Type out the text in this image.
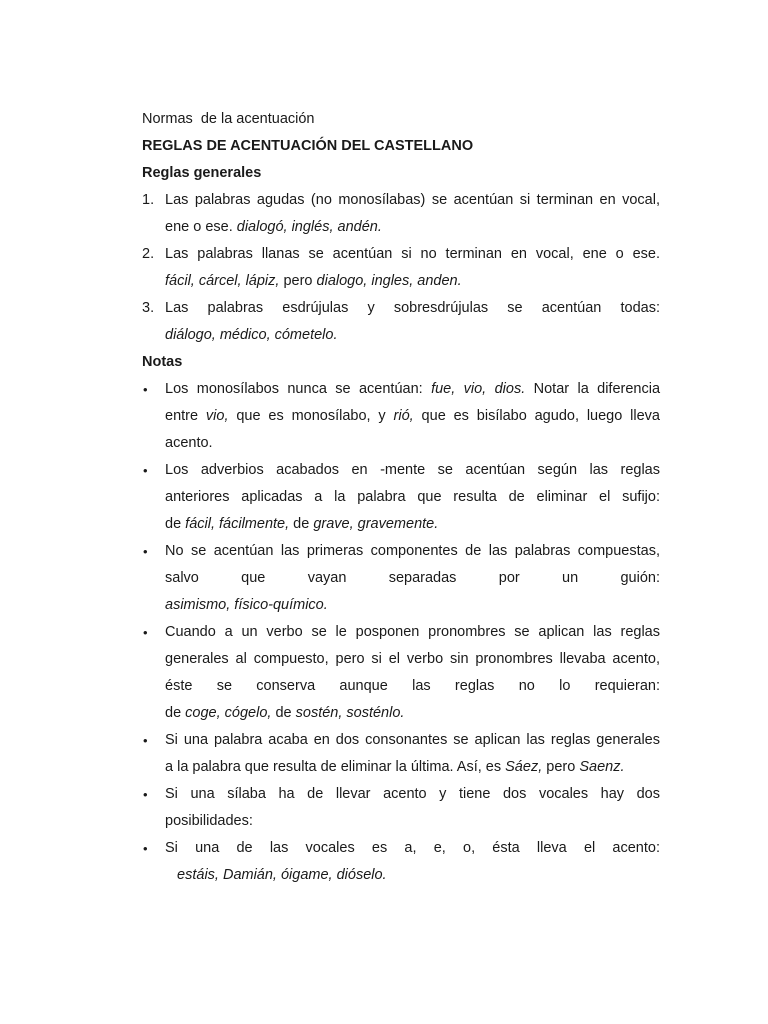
Normas  de la acentuación
REGLAS DE ACENTUACIÓN DEL CASTELLANO
Reglas generales
1. Las palabras agudas (no monosílabas) se acentúan si terminan en vocal,
ene o ese. dialogó, inglés, andén.
2. Las palabras llanas se acentúan si no terminan en vocal, ene o ese.
fácil, cárcel, lápiz, pero dialogo, ingles, anden.
3. Las palabras esdrújulas y sobresdrújulas se acentúan todas:
diálogo, médico, cómetelo.
Notas
• Los monosílabos nunca se acentúan: fue, vio, dios. Notar la diferencia
entre vio, que es monosílabo, y rió, que es bisílabo agudo, luego lleva
acento.
• Los adverbios acabados en -mente se acentúan según las reglas
anteriores aplicadas a la palabra que resulta de eliminar el sufijo:
de fácil, fácilmente, de grave, gravemente.
• No se acentúan las primeras componentes de las palabras compuestas,
salvo que vayan separadas por un guión:
asimismo, físico-químico.
• Cuando a un verbo se le posponen pronombres se aplican las reglas
generales al compuesto, pero si el verbo sin pronombres llevaba acento,
éste se conserva aunque las reglas no lo requieran:
de coge, cógelo, de sostén, sosténlo.
• Si una palabra acaba en dos consonantes se aplican las reglas generales
a la palabra que resulta de eliminar la última. Así, es Sáez, pero Saenz.
• Si una sílaba ha de llevar acento y tiene dos vocales hay dos
posibilidades:
• Si una de las vocales es a, e, o, ésta lleva el acento:
estáis, Damián, óigame, dióselo.
